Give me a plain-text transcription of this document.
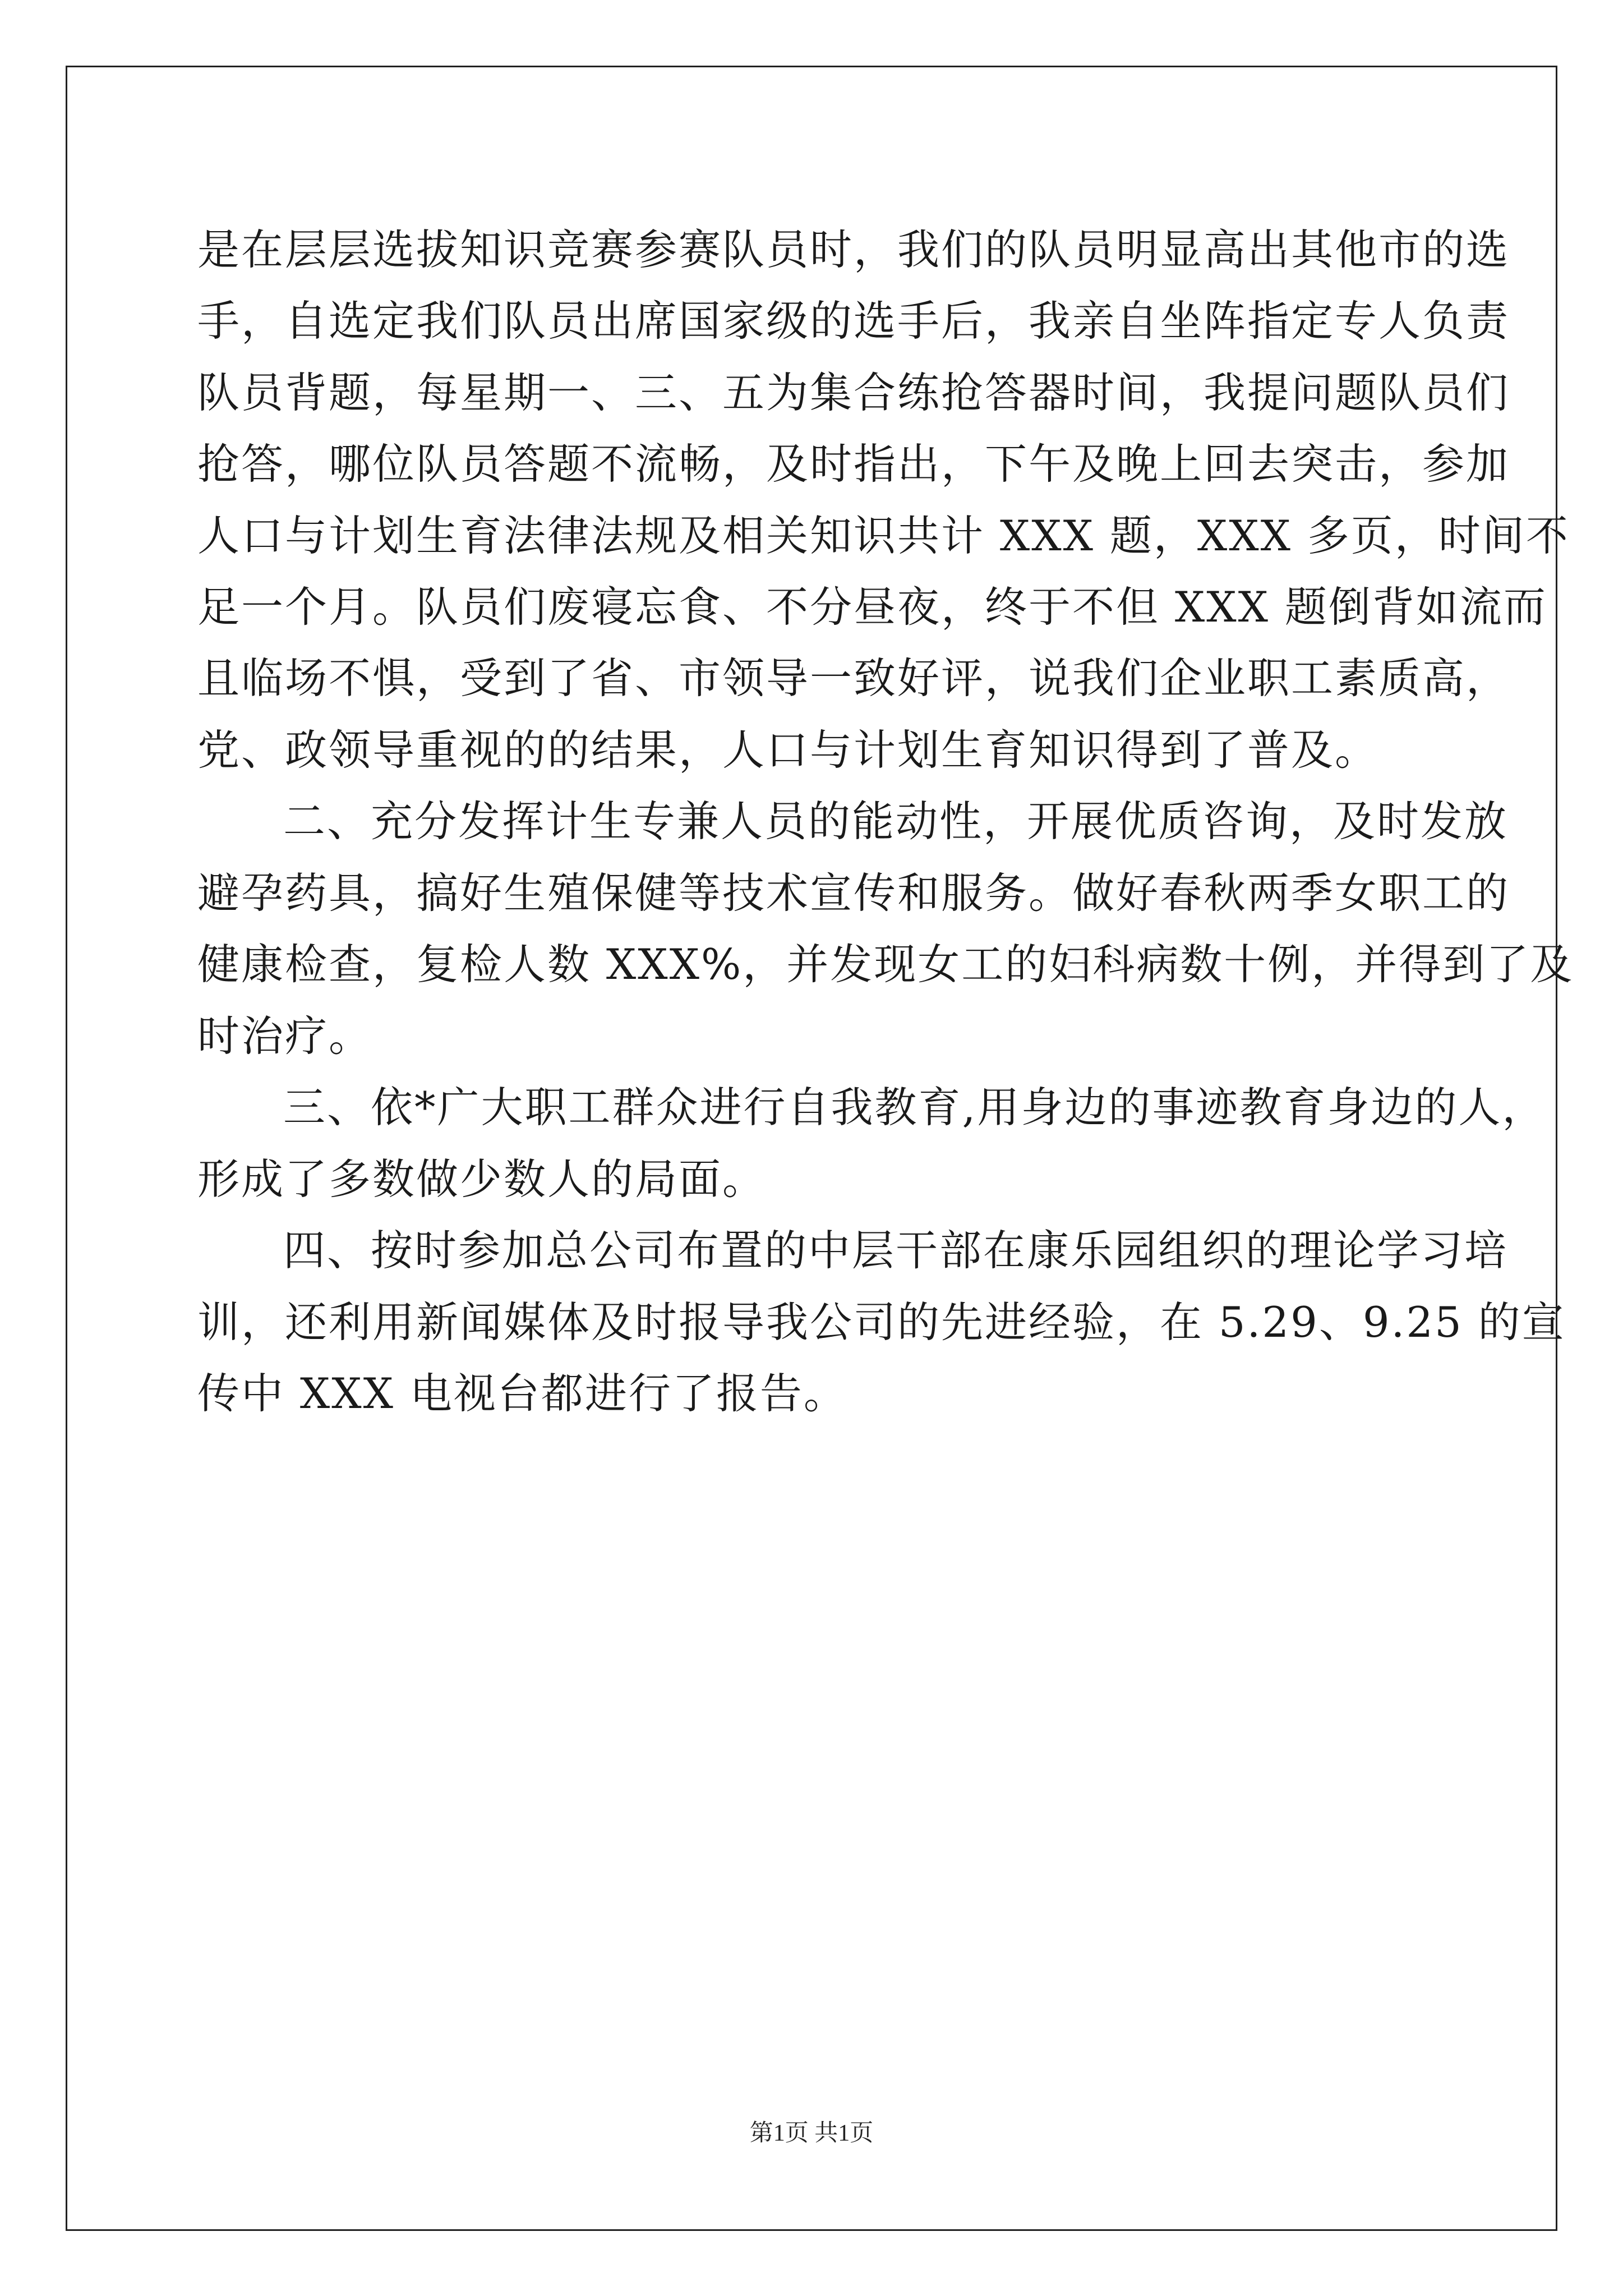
是在层层选拔知识竞赛参赛队员时，我们的队员明显高出其他市的选
手，自选定我们队员出席国家级的选手后，我亲自坐阵指定专人负责
队员背题，每星期一、三、五为集合练抢答器时间，我提问题队员们
抢答，哪位队员答题不流畅，及时指出，下午及晚上回去突击，参加
人口与计划生育法律法规及相关知识共计 XXX 题，XXX 多页，时间不
足一个月。队员们废寝忘食、不分昼夜，终于不但 XXX 题倒背如流而
且临场不惧，受到了省、市领导一致好评，说我们企业职工素质高，
党、政领导重视的的结果，人口与计划生育知识得到了普及。
二、充分发挥计生专兼人员的能动性，开展优质咨询，及时发放
避孕药具，搞好生殖保健等技术宣传和服务。做好春秋两季女职工的
健康检查，复检人数 XXX%，并发现女工的妇科病数十例，并得到了及
时治疗。
三、依*广大职工群众进行自我教育,用身边的事迹教育身边的人，
形成了多数做少数人的局面。
四、按时参加总公司布置的中层干部在康乐园组织的理论学习培
训，还利用新闻媒体及时报导我公司的先进经验，在 5.29、9.25 的宣
传中 XXX 电视台都进行了报告。
第1页 共1页
